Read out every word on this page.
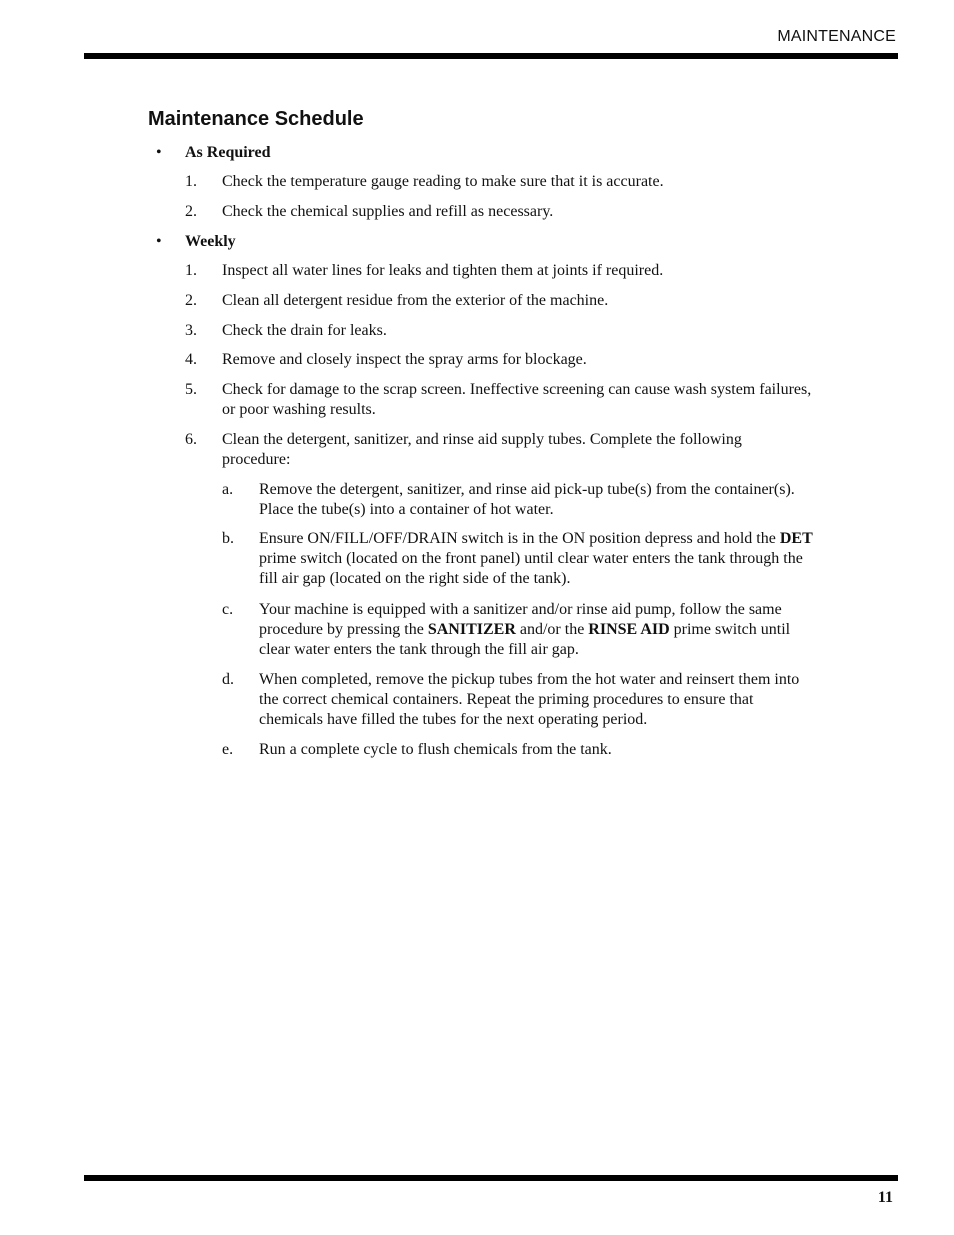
MAINTENANCE
Maintenance Schedule
• As Required
1. Check the temperature gauge reading to make sure that it is accurate.
2. Check the chemical supplies and refill as necessary.
• Weekly
1. Inspect all water lines for leaks and tighten them at joints if required.
2. Clean all detergent residue from the exterior of the machine.
3. Check the drain for leaks.
4. Remove and closely inspect the spray arms for blockage.
5. Check for damage to the scrap screen. Ineffective screening can cause wash system failures, or poor washing results.
6. Clean the detergent, sanitizer, and rinse aid supply tubes. Complete the following procedure:
a. Remove the detergent, sanitizer, and rinse aid pick-up tube(s) from the container(s). Place the tube(s) into a container of hot water.
b. Ensure ON/FILL/OFF/DRAIN switch is in the ON position depress and hold the DET prime switch (located on the front panel) until clear water enters the tank through the fill air gap (located on the right side of the tank).
c. Your machine is equipped with a sanitizer and/or rinse aid pump, follow the same procedure by pressing the SANITIZER and/or the RINSE AID prime switch until clear water enters the tank through the fill air gap.
d. When completed, remove the pickup tubes from the hot water and reinsert them into the correct chemical containers. Repeat the priming procedures to ensure that chemicals have filled the tubes for the next operating period.
e. Run a complete cycle to flush chemicals from the tank.
11
